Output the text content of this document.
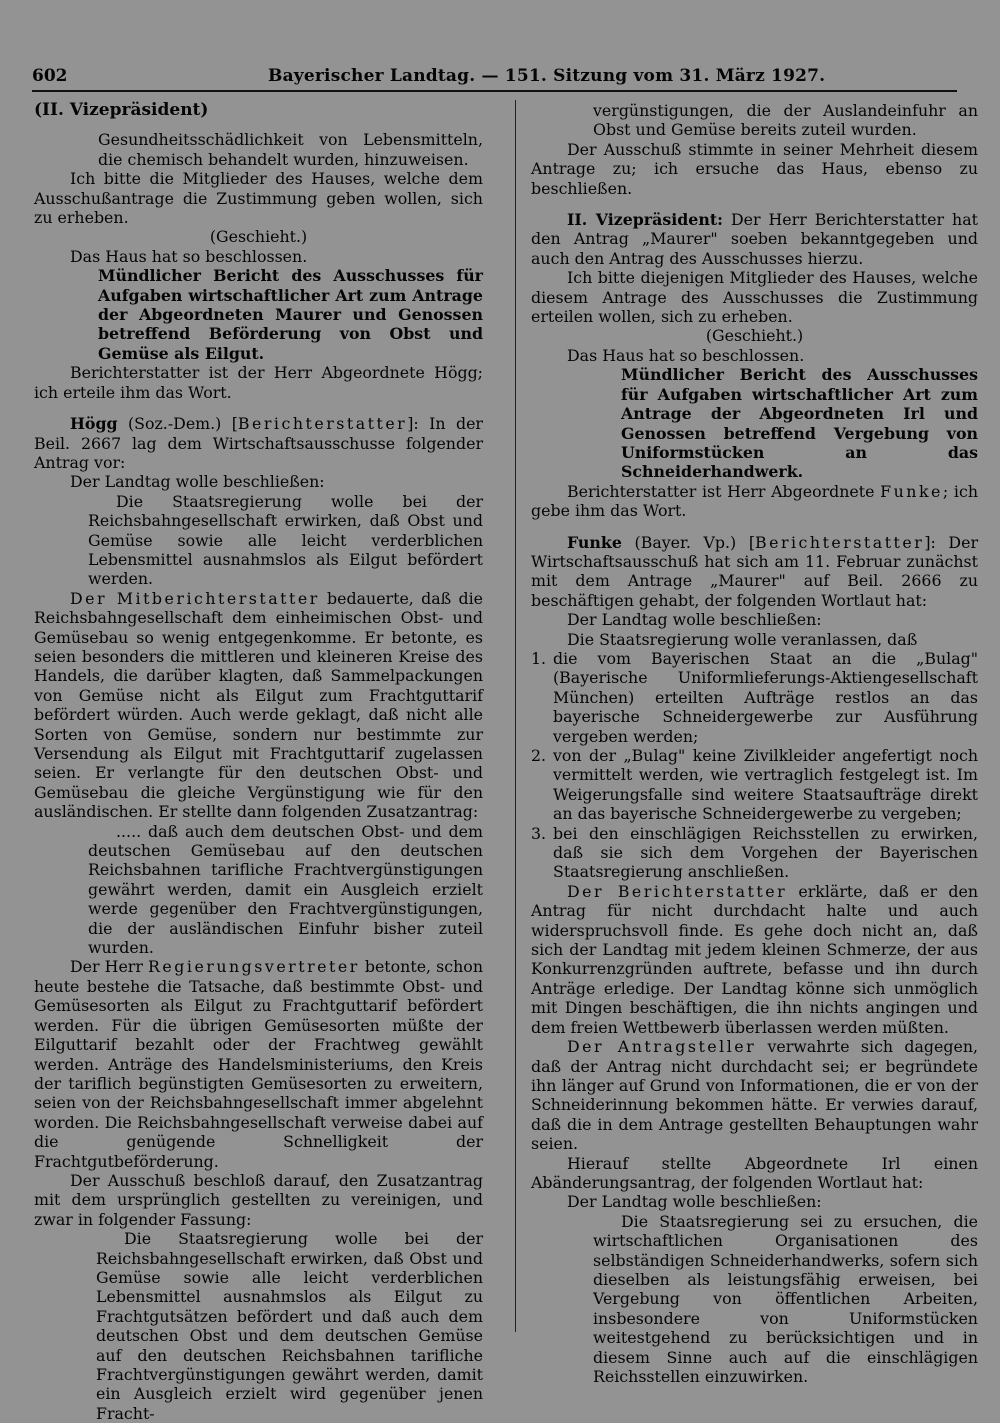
602	Bayerischer Landtag. — 151. Sitzung vom 31. März 1927.

(II. Vizepräsident)

Gesundheitsschädlichkeit von Lebensmitteln, die chemisch behandelt wurden, hinzuweisen.

Ich bitte die Mitglieder des Hauses, welche dem Ausschußantrage die Zustimmung geben wollen, sich zu erheben.

(Geschieht.)

Das Haus hat so beschlossen.

Mündlicher Bericht des Ausschusses für Aufgaben wirtschaftlicher Art zum Antrage der Abgeordneten Maurer und Genossen betreffend Beförderung von Obst und Gemüse als Eilgut.

Berichterstatter ist der Herr Abgeordnete Högg; ich erteile ihm das Wort.

Högg (Soz.-Dem.) [Berichterstatter]: In der Beil. 2667 lag dem Wirtschaftsausschusse folgender Antrag vor:

Der Landtag wolle beschließen:

Die Staatsregierung wolle bei der Reichsbahngesellschaft erwirken, daß Obst und Gemüse sowie alle leicht verderblichen Lebensmittel ausnahmslos als Eilgut befördert werden.

Der Mitberichterstatter bedauerte, daß die Reichsbahngesellschaft dem einheimischen Obst- und Gemüsebau so wenig entgegenkomme. Er betonte, es seien besonders die mittleren und kleineren Kreise des Handels, die darüber klagten, daß Sammelpackungen von Gemüse nicht als Eilgut zum Frachtguttarif befördert würden. Auch werde geklagt, daß nicht alle Sorten von Gemüse, sondern nur bestimmte zur Versendung als Eilgut mit Frachtguttarif zugelassen seien. Er verlangte für den deutschen Obst- und Gemüsebau die gleiche Vergünstigung wie für den ausländischen. Er stellte dann folgenden Zusatzantrag:

..... daß auch dem deutschen Obst- und dem deutschen Gemüsebau auf den deutschen Reichsbahnen tarifliche Frachtvergünstigungen gewährt werden, damit ein Ausgleich erzielt werde gegenüber den Frachtvergünstigungen, die der ausländischen Einfuhr bisher zuteil wurden.

Der Herr Regierungsvertreter betonte, schon heute bestehe die Tatsache, daß bestimmte Obst- und Gemüsesorten als Eilgut zu Frachtguttarif befördert werden. Für die übrigen Gemüsesorten müßte der Eilguttarif bezahlt oder der Frachtweg gewählt werden. Anträge des Handelsministeriums, den Kreis der tariflich begünstigten Gemüsesorten zu erweitern, seien von der Reichsbahngesellschaft immer abgelehnt worden. Die Reichsbahngesellschaft verweise dabei auf die genügende Schnelligkeit der Frachtgutbeförderung.

Der Ausschuß beschloß darauf, den Zusatzantrag mit dem ursprünglich gestellten zu vereinigen, und zwar in folgender Fassung:

Die Staatsregierung wolle bei der Reichsbahngesellschaft erwirken, daß Obst und Gemüse sowie alle leicht verderblichen Lebensmittel ausnahmslos als Eilgut zu Frachtgutsätzen befördert und daß auch dem deutschen Obst und dem deutschen Gemüse auf den deutschen Reichsbahnen tarifliche Frachtvergünstigungen gewährt werden, damit ein Ausgleich erzielt wird gegenüber jenen Fracht-

vergünstigungen, die der Auslandeinfuhr an Obst und Gemüse bereits zuteil wurden.

Der Ausschuß stimmte in seiner Mehrheit diesem Antrage zu; ich ersuche das Haus, ebenso zu beschließen.

II. Vizepräsident: Der Herr Berichterstatter hat den Antrag „Maurer" soeben bekanntgegeben und auch den Antrag des Ausschusses hierzu.

Ich bitte diejenigen Mitglieder des Hauses, welche diesem Antrage des Ausschusses die Zustimmung erteilen wollen, sich zu erheben.

(Geschieht.)

Das Haus hat so beschlossen.

Mündlicher Bericht des Ausschusses für Aufgaben wirtschaftlicher Art zum Antrage der Abgeordneten Irl und Genossen betreffend Vergebung von Uniformstücken an das Schneiderhandwerk.

Berichterstatter ist Herr Abgeordnete Funke; ich gebe ihm das Wort.

Funke (Bayer. Vp.) [Berichterstatter]: Der Wirtschaftsausschuß hat sich am 11. Februar zunächst mit dem Antrage „Maurer" auf Beil. 2666 zu beschäftigen gehabt, der folgenden Wortlaut hat:

Der Landtag wolle beschließen:

Die Staatsregierung wolle veranlassen, daß

1. die vom Bayerischen Staat an die „Bulag" (Bayerische Uniformlieferungs-Aktiengesellschaft München) erteilten Aufträge restlos an das bayerische Schneidergewerbe zur Ausführung vergeben werden;
2. von der „Bulag" keine Zivilkleider angefertigt noch vermittelt werden, wie vertraglich festgelegt ist. Im Weigerungsfalle sind weitere Staatsaufträge direkt an das bayerische Schneidergewerbe zu vergeben;
3. bei den einschlägigen Reichsstellen zu erwirken, daß sie sich dem Vorgehen der Bayerischen Staatsregierung anschließen.

Der Berichterstatter erklärte, daß er den Antrag für nicht durchdacht halte und auch widerspruchsvoll finde. Es gehe doch nicht an, daß sich der Landtag mit jedem kleinen Schmerze, der aus Konkurrenzgründen auftrete, befasse und ihn durch Anträge erledige. Der Landtag könne sich unmöglich mit Dingen beschäftigen, die ihn nichts angingen und dem freien Wettbewerb überlassen werden müßten.

Der Antragsteller verwahrte sich dagegen, daß der Antrag nicht durchdacht sei; er begründete ihn länger auf Grund von Informationen, die er von der Schneiderinnung bekommen hätte. Er verwies darauf, daß die in dem Antrage gestellten Behauptungen wahr seien.

Hierauf stellte Abgeordnete Irl einen Abänderungsantrag, der folgenden Wortlaut hat:

Der Landtag wolle beschließen:

Die Staatsregierung sei zu ersuchen, die wirtschaftlichen Organisationen des selbständigen Schneiderhandwerks, sofern sich dieselben als leistungsfähig erweisen, bei Vergebung von öffentlichen Arbeiten, insbesondere von Uniformstücken weitestgehend zu berücksichtigen und in diesem Sinne auch auf die einschlägigen Reichsstellen einzuwirken.
